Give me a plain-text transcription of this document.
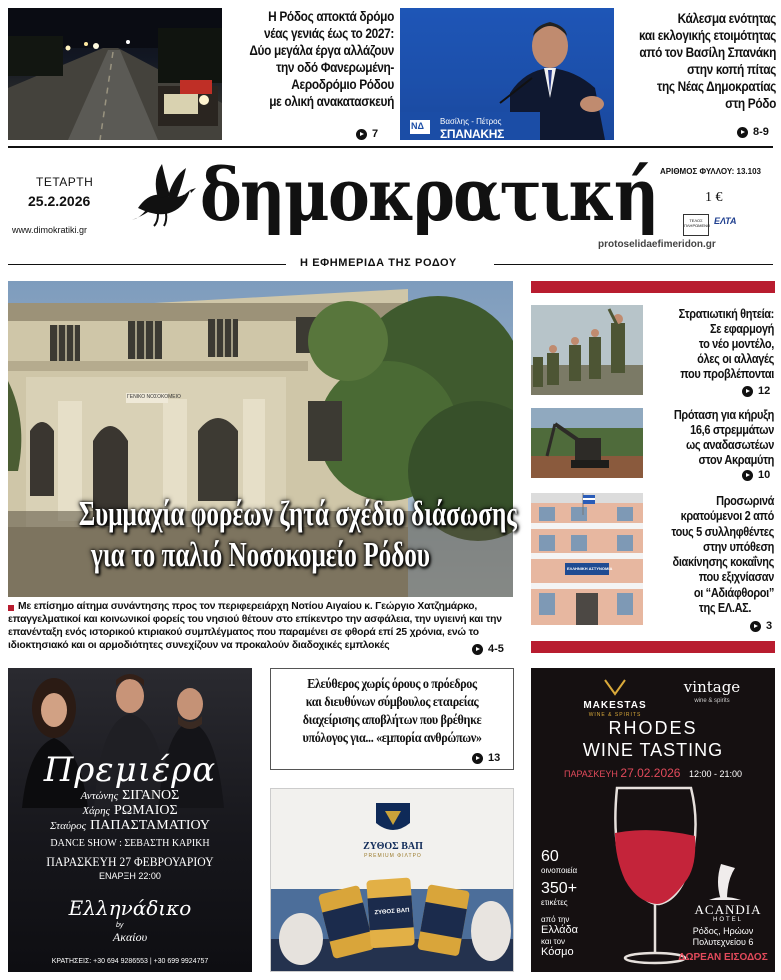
Η Ρόδος αποκτά δρόμο
νέας γενιάς έως το 2027:
Δύο μεγάλα έργα αλλάζουν
την οδό Φανερωμένη-
Αεροδρόμιο Ρόδου
με ολική ανακατασκευή
7
ΝΔ Βασίλης - Πέτρος
ΣΠΑΝΑΚΗΣ
Κάλεσμα ενότητας
και εκλογικής ετοιμότητας
από τον Βασίλη Σπανάκη
στην κοπή πίτας
της Νέας Δημοκρατίας
στη Ρόδο
8-9
ΤΕΤΑΡΤΗ
25.2.2026
www.dimokratiki.gr δημοκρατική ΑΡΙΘΜΟΣ ΦΥΛΛΟΥ: 13.103
1 €
ΤΕΛΟΣ ΠΛΗΡΩΜΕΝΟ ΕΛΤΑ
protoselidaefimeridon.gr
Η ΕΦΗΜΕΡΙΔΑ ΤΗΣ ΡΟΔΟΥ
ΓΕΝΙΚΟ ΝΟΣΟΚΟΜΕΙΟ
Συμμαχία φορέων ζητά σχέδιο διάσωσης
για το παλιό Νοσοκομείο Ρόδου
Με επίσημο αίτημα συνάντησης προς τον περιφερειάρχη Νοτίου Αιγαίου κ. Γεώργιο Χατζημάρκο, επαγγελματικοί και κοινωνικοί φορείς του νησιού θέτουν στο επίκεντρο την ασφάλεια, την υγιεινή και την επανένταξη ενός ιστορικού κτιριακού συμπλέγματος που παραμένει σε φθορά επί 25 χρόνια, ενώ το ιδιοκτησιακό και οι αρμοδιότητες συνεχίζουν να προκαλούν διαδοχικές εμπλοκές	4-5
Στρατιωτική θητεία:
Σε εφαρμογή
το νέο μοντέλο,
όλες οι αλλαγές
που προβλέπονται
12
Πρόταση για κήρυξη
16,6 στρεμμάτων
ως αναδασωτέων
στον Ακραμύτη
10
ΕΛΛΗΝΙΚΗ ΑΣΤΥΝΟΜΙΑ
Προσωρινά
κρατούμενοι 2 από
τους 5 συλληφθέντες
στην υπόθεση
διακίνησης κοκαΐνης
που εξιχνίασαν
οι “Αδιάφθοροι”
της ΕΛ.ΑΣ.
3
Πρεμιέρα
Αντώνης ΣΙΓΑΝΟΣ
Χάρης ΡΩΜΑΙΟΣ
Σταύρος ΠΑΠΑΣΤΑΜΑΤΙΟΥ
DANCE SHOW : ΣΕΒΑΣΤΗ ΚΑΡΙΚΗ
ΠΑΡΑΣΚΕΥΗ 27 ΦΕΒΡΟΥΑΡΙΟΥ
ΕΝΑΡΞΗ 22:00
Ελληνάδικο
by
Ακαίου
ΚΡΑΤΗΣΕΙΣ: +30 694 9286553 | +30 699 9924757
Ελεύθερος χωρίς όρους ο πρόεδρος
και διευθύνων σύμβουλος εταιρείας
διαχείρισης αποβλήτων που βρέθηκε
υπόλογος για... «εμπορία ανθρώπων»
13
ΖΥΘΟΣ ΒΑΠ
PREMIUM ΦΙΛΤΡΟ
ΖΥΘΟΣ ΒΑΠ
MAKESTAS
WINE & SPIRITS
vintage
wine & spirits
RHODES
WINE TASTING
ΠΑΡΑΣΚΕΥΗ 27.02.2026 12:00 - 21:00
60
οινοποιεία
350+
ετικέτες
από την
Ελλάδα
και τον
Κόσμο
ACANDIA
HOTEL
Ρόδος, Ηρώων
Πολυτεχνείου 6
ΔΩΡΕΑΝ ΕΙΣΟΔΟΣ
